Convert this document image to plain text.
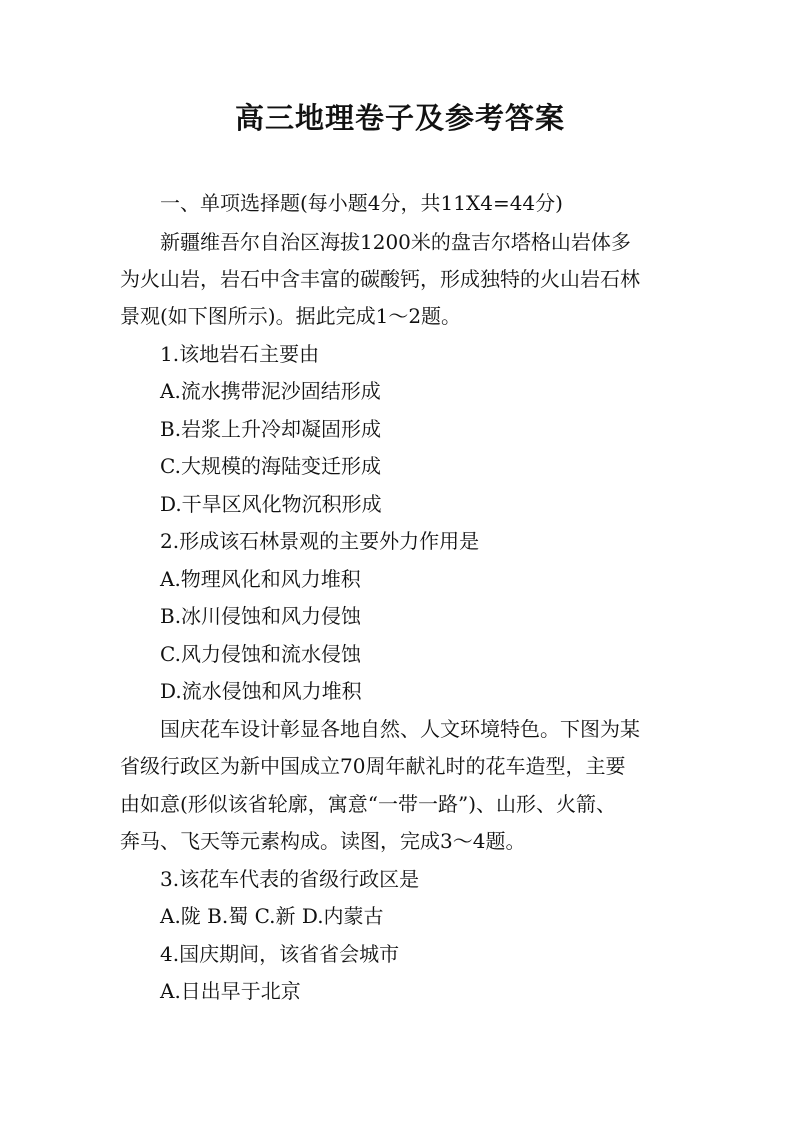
高三地理卷子及参考答案
一、单项选择题(每小题4分，共11X4=44分)
新疆维吾尔自治区海拔1200米的盘吉尔塔格山岩体多
为火山岩，岩石中含丰富的碳酸钙，形成独特的火山岩石林
景观(如下图所示)。据此完成1～2题。
1.该地岩石主要由
A.流水携带泥沙固结形成
B.岩浆上升冷却凝固形成
C.大规模的海陆变迁形成
D.干旱区风化物沉积形成
2.形成该石林景观的主要外力作用是
A.物理风化和风力堆积
B.冰川侵蚀和风力侵蚀
C.风力侵蚀和流水侵蚀
D.流水侵蚀和风力堆积
国庆花车设计彰显各地自然、人文环境特色。下图为某
省级行政区为新中国成立70周年献礼时的花车造型，主要
由如意(形似该省轮廓，寓意“一带一路”)、山形、火箭、
奔马、飞天等元素构成。读图，完成3～4题。
3.该花车代表的省级行政区是
A.陇 B.蜀 C.新 D.内蒙古
4.国庆期间，该省省会城市
A.日出早于北京
